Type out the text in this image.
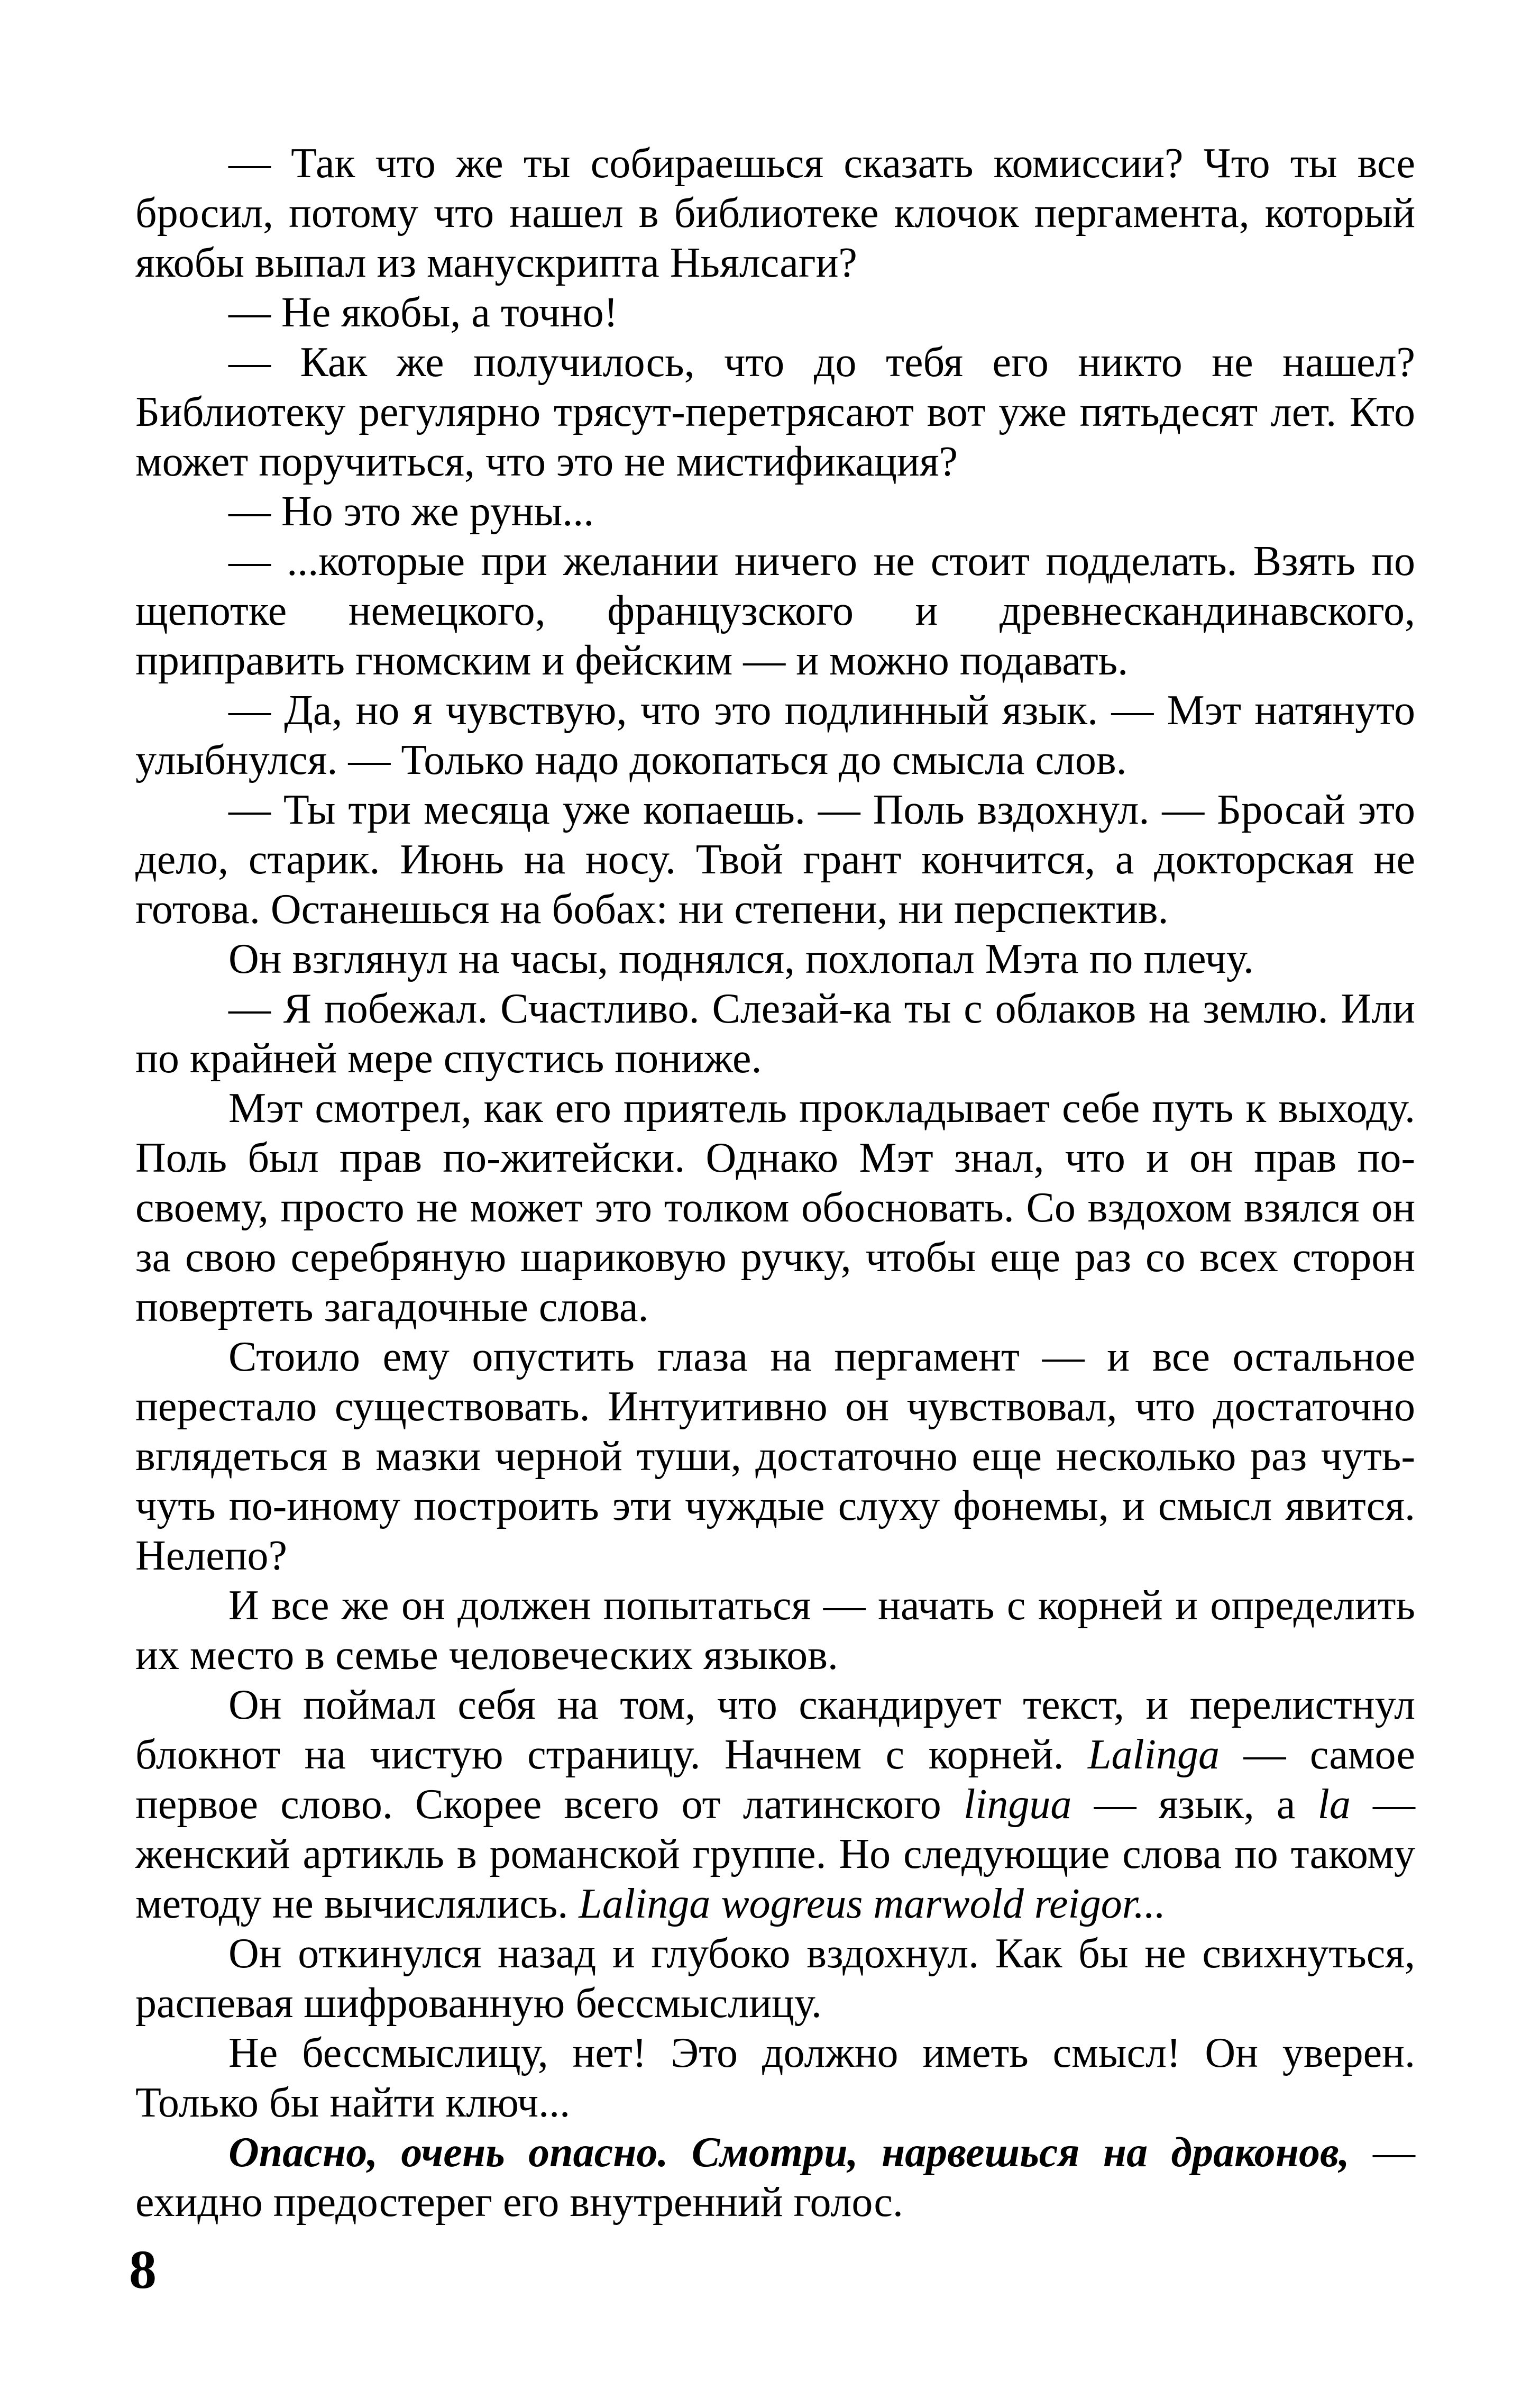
— Так что же ты собираешься сказать комиссии? Что ты все бросил, потому что нашел в библиотеке клочок пергамента, который якобы выпал из манускрипта Ньялсаги?

— Не якобы, а точно!

— Как же получилось, что до тебя его никто не нашел? Библиотеку регулярно трясут-перетрясают вот уже пятьдесят лет. Кто может поручиться, что это не мистификация?

— Но это же руны...

— ...которые при желании ничего не стоит подделать. Взять по щепотке немецкого, французского и древнескандинавского, приправить гномским и фейским — и можно подавать.

— Да, но я чувствую, что это подлинный язык. — Мэт натянуто улыбнулся. — Только надо докопаться до смысла слов.

— Ты три месяца уже копаешь. — Поль вздохнул. — Бросай это дело, старик. Июнь на носу. Твой грант кончится, а докторская не готова. Останешься на бобах: ни степени, ни перспектив.

Он взглянул на часы, поднялся, похлопал Мэта по плечу.

— Я побежал. Счастливо. Слезай-ка ты с облаков на землю. Или по крайней мере спустись пониже.

Мэт смотрел, как его приятель прокладывает себе путь к выходу. Поль был прав по-житейски. Однако Мэт знал, что и он прав по-своему, просто не может это толком обосновать. Со вздохом взялся он за свою серебряную шариковую ручку, чтобы еще раз со всех сторон повертеть загадочные слова.

Стоило ему опустить глаза на пергамент — и все остальное перестало существовать. Интуитивно он чувствовал, что достаточно вглядеться в мазки черной туши, достаточно еще несколько раз чуть-чуть по-иному построить эти чуждые слуху фонемы, и смысл явится. Нелепо?

И все же он должен попытаться — начать с корней и определить их место в семье человеческих языков.

Он поймал себя на том, что скандирует текст, и перелистнул блокнот на чистую страницу. Начнем с корней. Lalinga — самое первое слово. Скорее всего от латинского lingua — язык, а la — женский артикль в романской группе. Но следующие слова по такому методу не вычислялись. Lalinga wogreus marwold reigor...

Он откинулся назад и глубоко вздохнул. Как бы не свихнуться, распевая шифрованную бессмыслицу.

Не бессмыслицу, нет! Это должно иметь смысл! Он уверен. Только бы найти ключ...

Опасно, очень опасно. Смотри, нарвешься на драконов, — ехидно предостерег его внутренний голос.

8
